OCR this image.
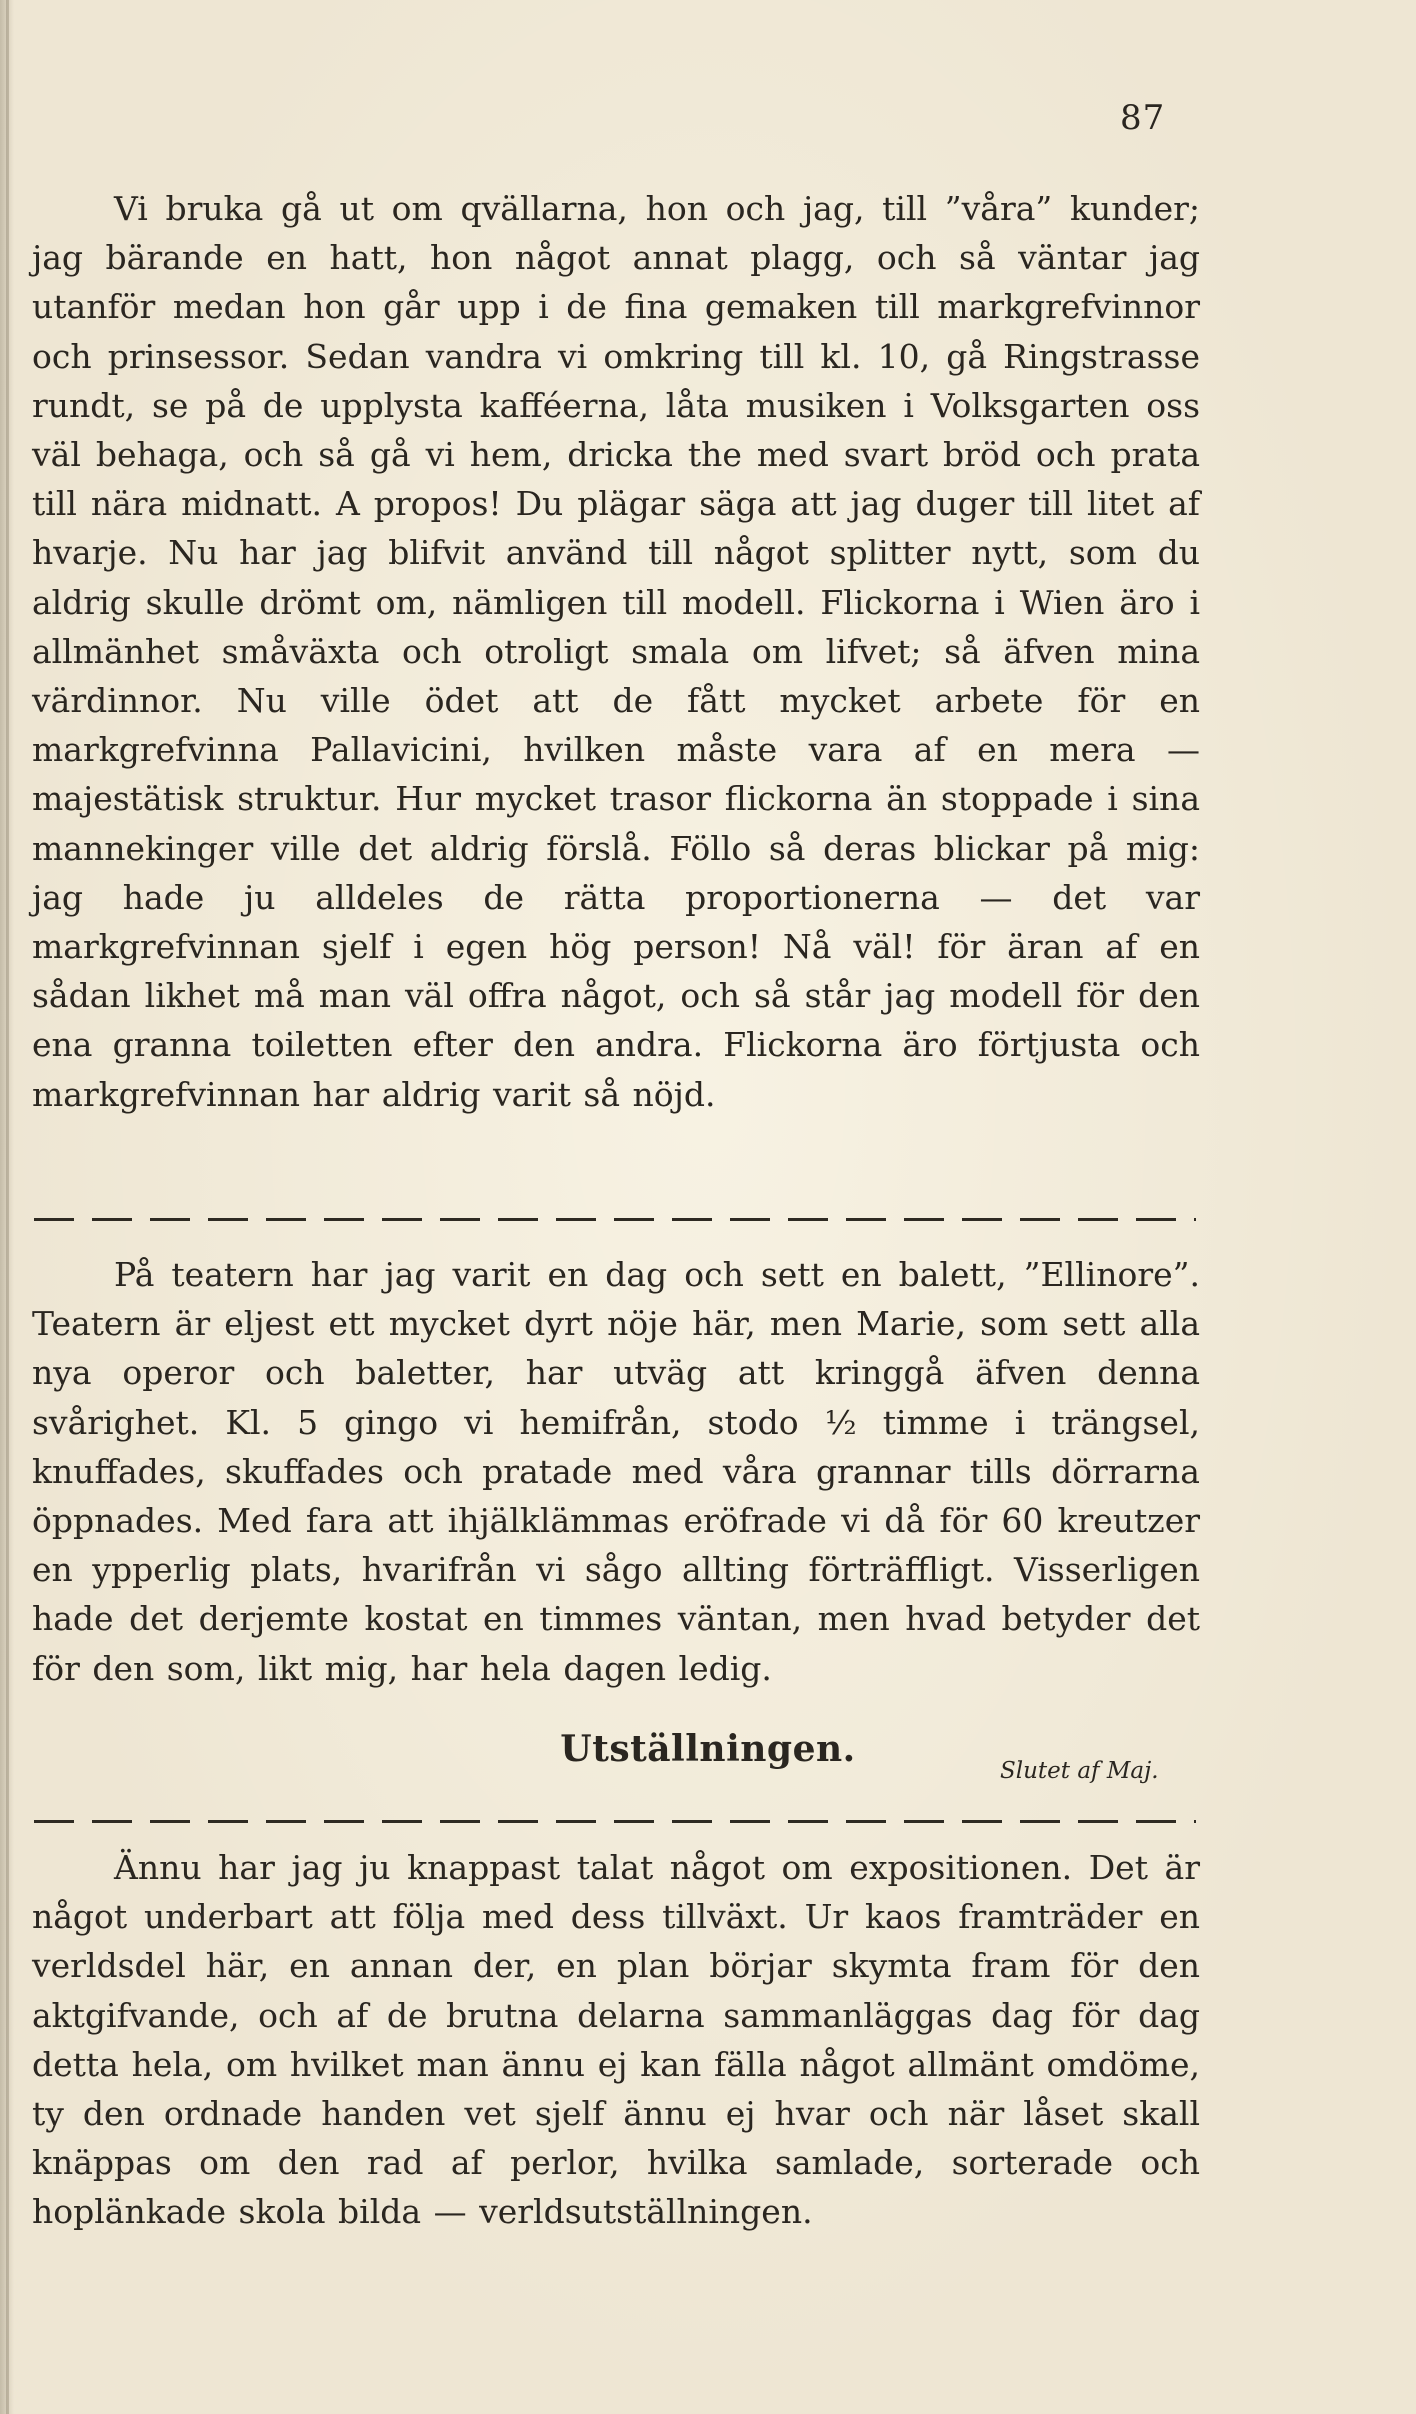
87

Vi bruka gå ut om qvällarna, hon och jag, till ”våra” kunder; jag bärande en hatt, hon något annat plagg, och så väntar jag utanför medan hon går upp i de fina gemaken till markgrefvinnor och prinsessor. Sedan vandra vi omkring till kl. 10, gå Ringstrasse rundt, se på de upplysta kafféerna, låta musiken i Volksgarten oss väl behaga, och så gå vi hem, dricka the med svart bröd och prata till nära midnatt. A propos! Du plägar säga att jag duger till litet af hvarje. Nu har jag blifvit använd till något splitter nytt, som du aldrig skulle drömt om, nämligen till modell. Flickorna i Wien äro i allmänhet småväxta och otroligt smala om lifvet; så äfven mina värdinnor. Nu ville ödet att de fått mycket arbete för en markgrefvinna Pallavicini, hvilken måste vara af en mera — majestätisk struktur. Hur mycket trasor flickorna än stoppade i sina mannekinger ville det aldrig förslå. Föllo så deras blickar på mig: jag hade ju alldeles de rätta proportionerna — det var markgrefvinnan sjelf i egen hög person! Nå väl! för äran af en sådan likhet må man väl offra något, och så står jag modell för den ena granna toiletten efter den andra. Flickorna äro förtjusta och markgrefvinnan har aldrig varit så nöjd.

På teatern har jag varit en dag och sett en balett, ”Ellinore”. Teatern är eljest ett mycket dyrt nöje här, men Marie, som sett alla nya operor och baletter, har utväg att kringgå äfven denna svårighet. Kl. 5 gingo vi hemifrån, stodo ½ timme i trängsel, knuffades, skuffades och pratade med våra grannar tills dörrarna öppnades. Med fara att ihjälklämmas eröfrade vi då för 60 kreutzer en ypperlig plats, hvarifrån vi sågo allting förträffligt. Visserligen hade det derjemte kostat en timmes väntan, men hvad betyder det för den som, likt mig, har hela dagen ledig.

Utställningen.
Slutet af Maj.

Ännu har jag ju knappast talat något om expositionen. Det är något underbart att följa med dess tillväxt. Ur kaos framträder en verldsdel här, en annan der, en plan börjar skymta fram för den aktgifvande, och af de brutna delarna sammanläggas dag för dag detta hela, om hvilket man ännu ej kan fälla något allmänt omdöme, ty den ordnade handen vet sjelf ännu ej hvar och när låset skall knäppas om den rad af perlor, hvilka samlade, sorterade och hoplänkade skola bilda — verldsutställningen.
